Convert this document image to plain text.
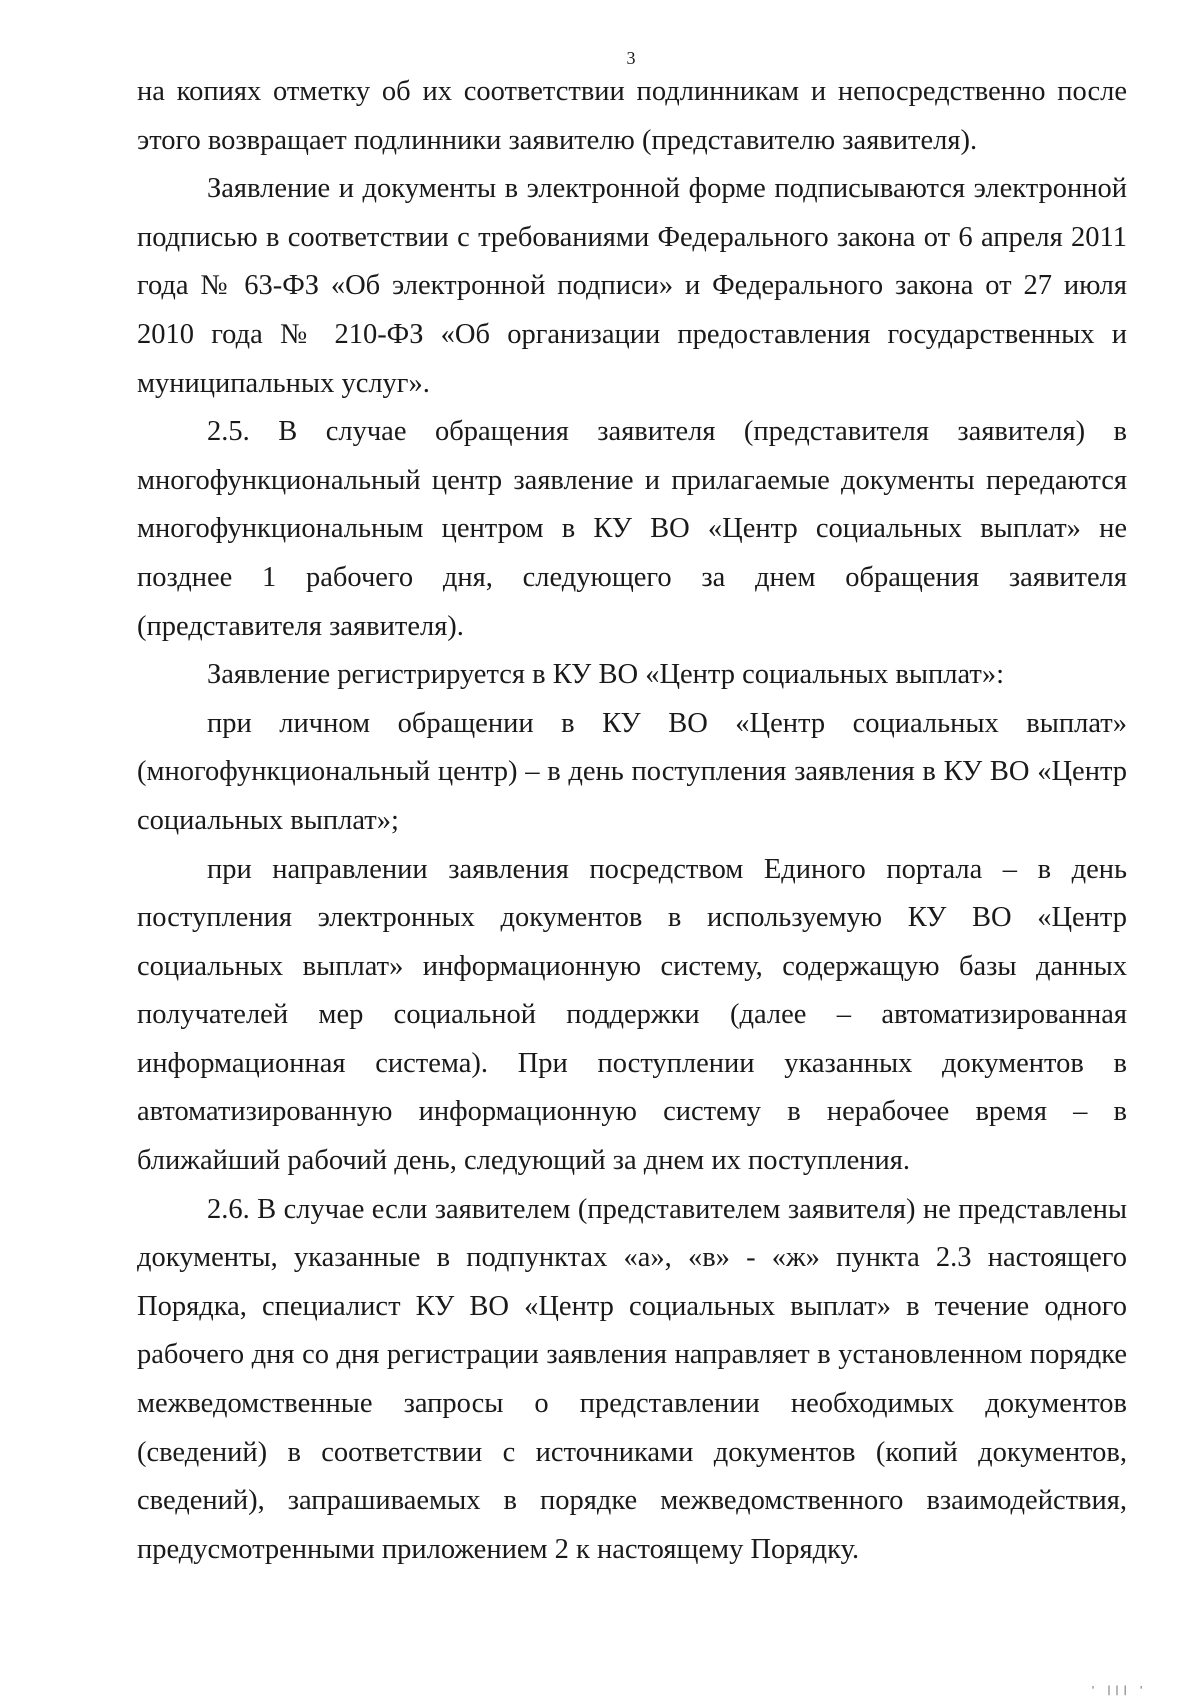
3

на копиях отметку об их соответствии подлинникам и непосредственно после этого возвращает подлинники заявителю (представителю заявителя).

Заявление и документы в электронной форме подписываются электронной подписью в соответствии с требованиями Федерального закона от 6 апреля 2011 года № 63-ФЗ «Об электронной подписи» и Федерального закона от 27 июля 2010 года № 210-ФЗ «Об организации предоставления государственных и муниципальных услуг».

2.5. В случае обращения заявителя (представителя заявителя) в многофункциональный центр заявление и прилагаемые документы передаются многофункциональным центром в КУ ВО «Центр социальных выплат» не позднее 1 рабочего дня, следующего за днем обращения заявителя (представителя заявителя).

Заявление регистрируется в КУ ВО «Центр социальных выплат»:

при личном обращении в КУ ВО «Центр социальных выплат» (многофункциональный центр) – в день поступления заявления в КУ ВО «Центр социальных выплат»;

при направлении заявления посредством Единого портала – в день поступления электронных документов в используемую КУ ВО «Центр социальных выплат» информационную систему, содержащую базы данных получателей мер социальной поддержки (далее – автоматизированная информационная система). При поступлении указанных документов в автоматизированную информационную систему в нерабочее время – в ближайший рабочий день, следующий за днем их поступления.

2.6. В случае если заявителем (представителем заявителя) не представлены документы, указанные в подпунктах «а», «в» - «ж» пункта 2.3 настоящего Порядка, специалист КУ ВО «Центр социальных выплат» в течение одного рабочего дня со дня регистрации заявления направляет в установленном порядке межведомственные запросы о представлении необходимых документов (сведений) в соответствии с источниками документов (копий документов, сведений), запрашиваемых в порядке межведомственного взаимодействия, предусмотренными приложением 2 к настоящему Порядку.

' ||| '
